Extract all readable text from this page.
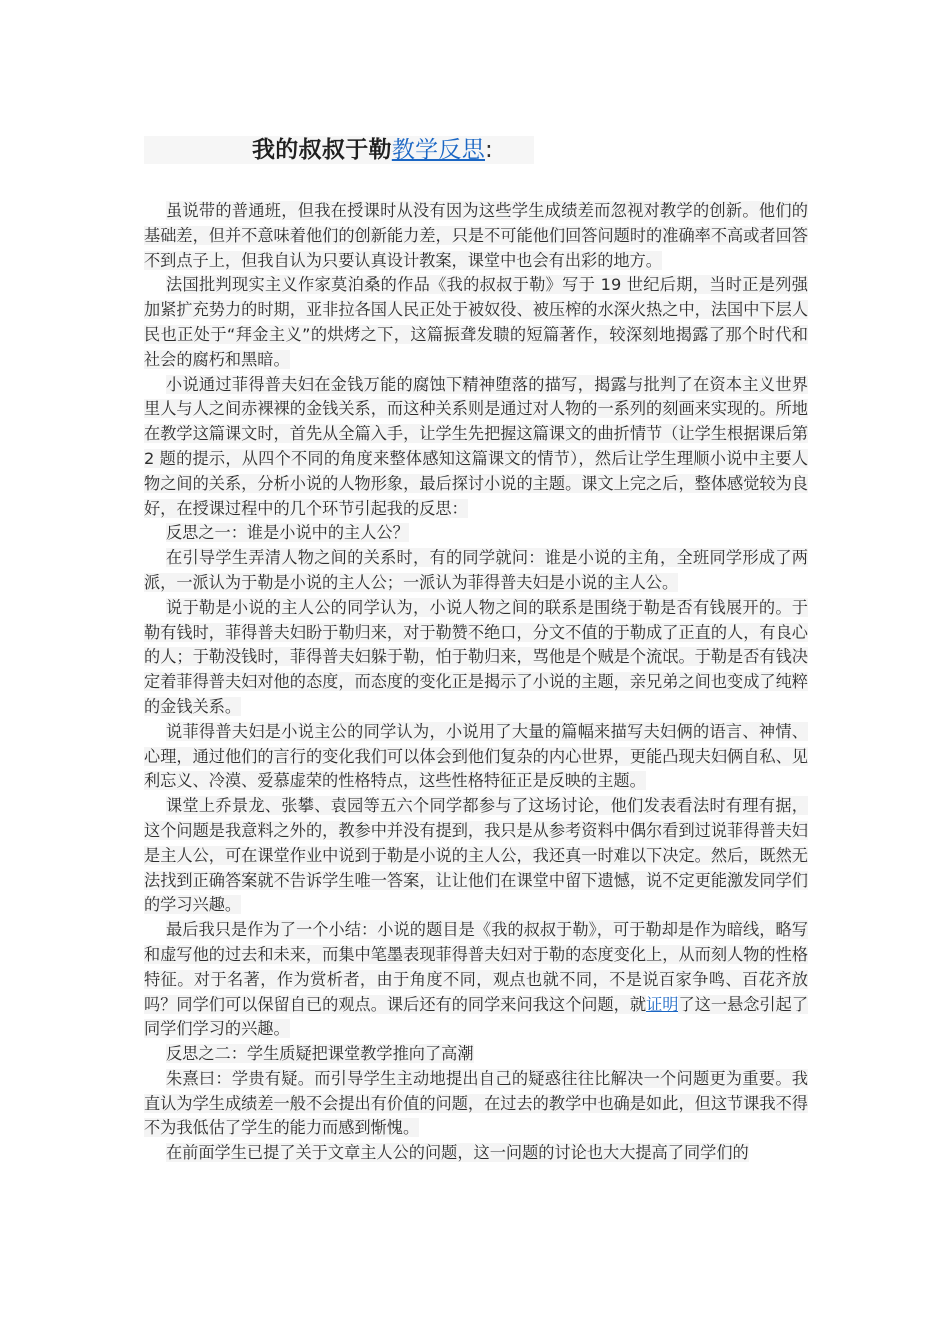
我的叔叔于勒教学反思:

虽说带的普通班，但我在授课时从没有因为这些学生成绩差而忽视对教学的创新。他们的基础差，但并不意味着他们的创新能力差，只是不可能他们回答问题时的准确率不高或者回答不到点子上，但我自认为只要认真设计教案，课堂中也会有出彩的地方。

法国批判现实主义作家莫泊桑的作品《我的叔叔于勒》写于 19 世纪后期，当时正是列强加紧扩充势力的时期，亚非拉各国人民正处于被奴役、被压榨的水深火热之中，法国中下层人民也正处于“拜金主义”的烘烤之下，这篇振聋发聩的短篇著作，较深刻地揭露了那个时代和社会的腐朽和黑暗。

小说通过菲得普夫妇在金钱万能的腐蚀下精神堕落的描写，揭露与批判了在资本主义世界里人与人之间赤裸裸的金钱关系，而这种关系则是通过对人物的一系列的刻画来实现的。所地在教学这篇课文时，首先从全篇入手，让学生先把握这篇课文的曲折情节（让学生根据课后第 2 题的提示，从四个不同的角度来整体感知这篇课文的情节），然后让学生理顺小说中主要人物之间的关系，分析小说的人物形象，最后探讨小说的主题。课文上完之后，整体感觉较为良好，在授课过程中的几个环节引起我的反思：

反思之一：谁是小说中的主人公？

在引导学生弄清人物之间的关系时，有的同学就问：谁是小说的主角，全班同学形成了两派，一派认为于勒是小说的主人公；一派认为菲得普夫妇是小说的主人公。

说于勒是小说的主人公的同学认为，小说人物之间的联系是围绕于勒是否有钱展开的。于勒有钱时，菲得普夫妇盼于勒归来，对于勒赞不绝口，分文不值的于勒成了正直的人，有良心的人；于勒没钱时，菲得普夫妇躲于勒，怕于勒归来，骂他是个贼是个流氓。于勒是否有钱决定着菲得普夫妇对他的态度，而态度的变化正是揭示了小说的主题，亲兄弟之间也变成了纯粹的金钱关系。

说菲得普夫妇是小说主公的同学认为，小说用了大量的篇幅来描写夫妇俩的语言、神情、心理，通过他们的言行的变化我们可以体会到他们复杂的内心世界，更能凸现夫妇俩自私、见利忘义、冷漠、爱慕虚荣的性格特点，这些性格特征正是反映的主题。

课堂上乔景龙、张攀、袁园等五六个同学都参与了这场讨论，他们发表看法时有理有据，这个问题是我意料之外的，教参中并没有提到，我只是从参考资料中偶尔看到过说菲得普夫妇是主人公，可在课堂作业中说到于勒是小说的主人公，我还真一时难以下决定。然后，既然无法找到正确答案就不告诉学生唯一答案，让让他们在课堂中留下遗憾，说不定更能激发同学们的学习兴趣。

最后我只是作为了一个小结：小说的题目是《我的叔叔于勒》，可于勒却是作为暗线，略写和虚写他的过去和未来，而集中笔墨表现菲得普夫妇对于勒的态度变化上，从而刻人物的性格特征。对于名著，作为赏析者，由于角度不同，观点也就不同，不是说百家争鸣、百花齐放吗？同学们可以保留自已的观点。课后还有的同学来问我这个问题，就证明了这一悬念引起了同学们学习的兴趣。

反思之二：学生质疑把课堂教学推向了高潮

朱熹曰：学贵有疑。而引导学生主动地提出自己的疑惑往往比解决一个问题更为重要。我直认为学生成绩差一般不会提出有价值的问题，在过去的教学中也确是如此，但这节课我不得不为我低估了学生的能力而感到惭愧。

在前面学生已提了关于文章主人公的问题，这一问题的讨论也大大提高了同学们的
